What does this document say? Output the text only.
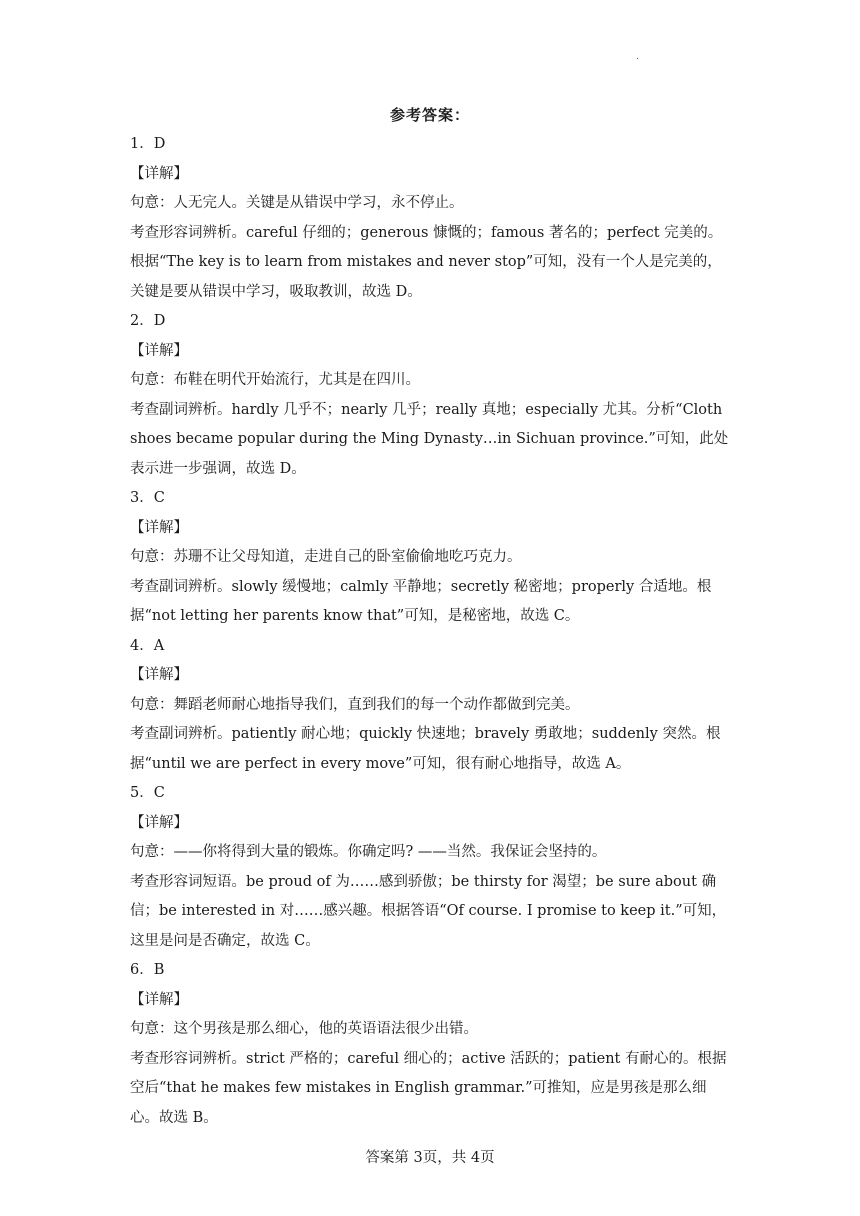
.
参考答案：

1．D

【详解】

句意：人无完人。关键是从错误中学习，永不停止。

考查形容词辨析。careful 仔细的；generous 慷慨的；famous 著名的；perfect 完美的。根据“The key is to learn from mistakes and never stop”可知，没有一个人是完美的，关键是要从错误中学习，吸取教训，故选 D。

2．D

【详解】

句意：布鞋在明代开始流行，尤其是在四川。

考查副词辨析。hardly 几乎不；nearly 几乎；really 真地；especially 尤其。分析“Cloth shoes became popular during the Ming Dynasty…in Sichuan province.”可知，此处表示进一步强调，故选 D。

3．C

【详解】

句意：苏珊不让父母知道，走进自己的卧室偷偷地吃巧克力。

考查副词辨析。slowly 缓慢地；calmly 平静地；secretly 秘密地；properly 合适地。根据“not letting her parents know that”可知，是秘密地，故选 C。

4．A

【详解】

句意：舞蹈老师耐心地指导我们，直到我们的每一个动作都做到完美。

考查副词辨析。patiently 耐心地；quickly 快速地；bravely 勇敢地；suddenly 突然。根据“until we are perfect in every move”可知，很有耐心地指导，故选 A。

5．C

【详解】

句意：——你将得到大量的锻炼。你确定吗? ——当然。我保证会坚持的。

考查形容词短语。be proud of 为……感到骄傲；be thirsty for 渴望；be sure about 确信；be interested in 对……感兴趣。根据答语“Of course. I promise to keep it.”可知，这里是问是否确定，故选 C。

6．B

【详解】

句意：这个男孩是那么细心，他的英语语法很少出错。

考查形容词辨析。strict 严格的；careful 细心的；active 活跃的；patient 有耐心的。根据空后“that he makes few mistakes in English grammar.”可推知，应是男孩是那么细心。故选 B。

答案第 3页，共 4页
